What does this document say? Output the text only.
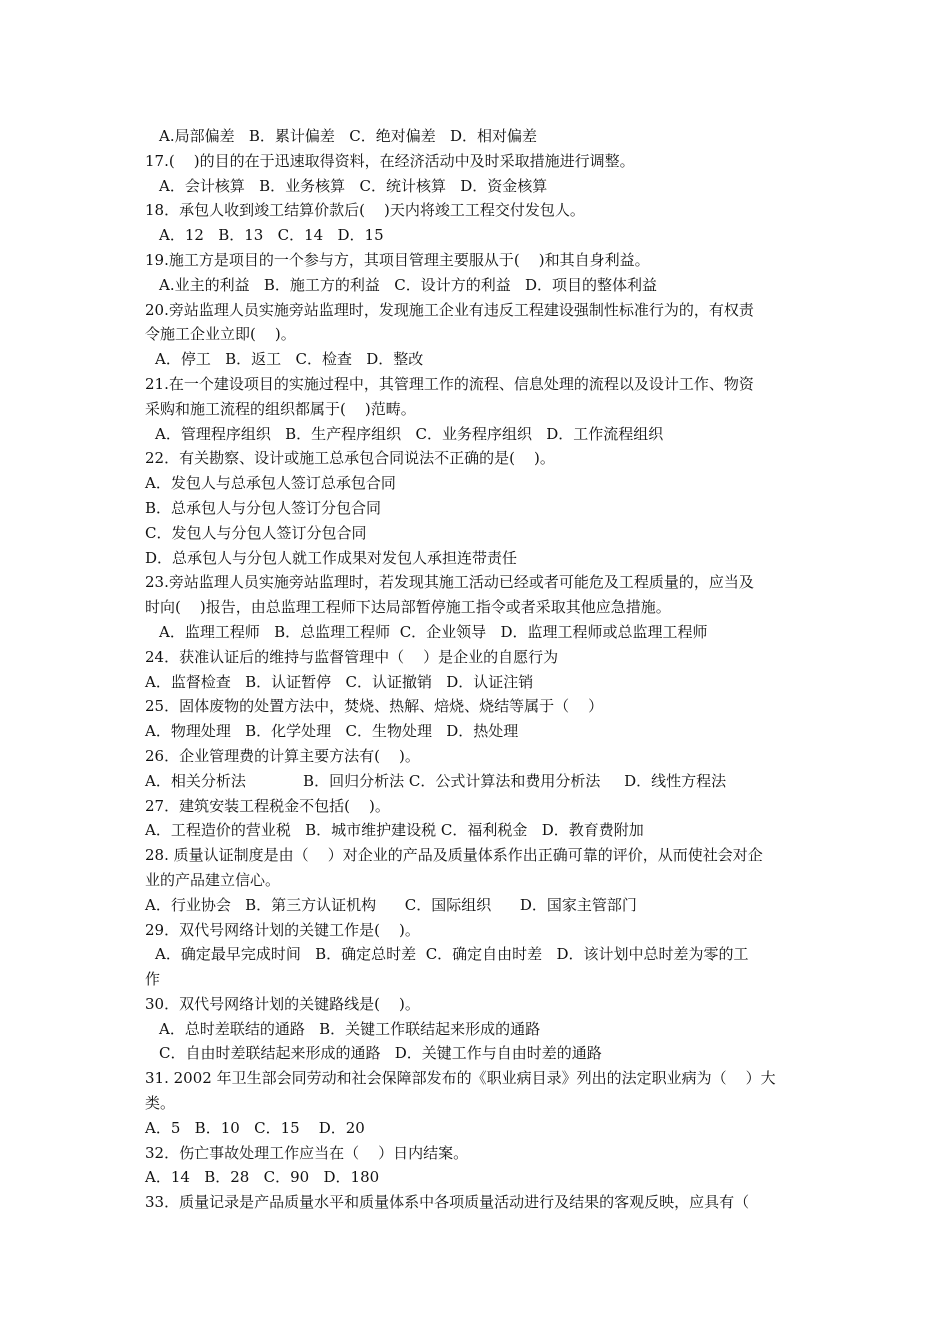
A.局部偏差   B．累计偏差   C．绝对偏差   D．相对偏差
17.(    )的目的在于迅速取得资料，在经济活动中及时采取措施进行调整。
A．会计核算   B．业务核算   C．统计核算   D．资金核算
18．承包人收到竣工结算价款后(    )天内将竣工工程交付发包人。
A．12   B．13   C．14   D．15
19.施工方是项目的一个参与方，其项目管理主要服从于(    )和其自身利益。
A.业主的利益   B．施工方的利益   C．设计方的利益   D．项目的整体利益
20.旁站监理人员实施旁站监理时，发现施工企业有违反工程建设强制性标准行为的，有权责
令施工企业立即(    )。
A．停工   B．返工   C．检查   D．整改
21.在一个建设项目的实施过程中，其管理工作的流程、信息处理的流程以及设计工作、物资
采购和施工流程的组织都属于(    )范畴。
A．管理程序组织   B．生产程序组织   C．业务程序组织   D．工作流程组织
22．有关勘察、设计或施工总承包合同说法不正确的是(    )。
A．发包人与总承包人签订总承包合同
B．总承包人与分包人签订分包合同
C．发包人与分包人签订分包合同
D．总承包人与分包人就工作成果对发包人承担连带责任
23.旁站监理人员实施旁站监理时，若发现其施工活动已经或者可能危及工程质量的，应当及
时向(    )报告，由总监理工程师下达局部暂停施工指令或者采取其他应急措施。
A．监理工程师   B．总监理工程师  C．企业领导   D．监理工程师或总监理工程师
24．获准认证后的维持与监督管理中（    ）是企业的自愿行为
A．监督检查   B．认证暂停   C．认证撤销   D．认证注销
25．固体废物的处置方法中，焚烧、热解、焙烧、烧结等属于（    ）
A．物理处理   B．化学处理   C．生物处理   D．热处理
26．企业管理费的计算主要方法有(    )。
A．相关分析法            B．回归分析法 C．公式计算法和费用分析法     D．线性方程法
27．建筑安装工程税金不包括(    )。
A．工程造价的营业税   B．城市维护建设税 C．福利税金   D．教育费附加
28. 质量认证制度是由（    ）对企业的产品及质量体系作出正确可靠的评价，从而使社会对企
业的产品建立信心。
A．行业协会   B．第三方认证机构      C．国际组织      D．国家主管部门
29．双代号网络计划的关键工作是(    )。
A．确定最早完成时间   B．确定总时差  C．确定自由时差   D．该计划中总时差为零的工
作
30．双代号网络计划的关键路线是(    )。
A．总时差联结的通路   B．关键工作联结起来形成的通路
C．自由时差联结起来形成的通路   D．关键工作与自由时差的通路
31. 2002 年卫生部会同劳动和社会保障部发布的《职业病目录》列出的法定职业病为（    ）大
类。
A．5   B．10   C．15    D．20
32．伤亡事故处理工作应当在（    ）日内结案。
A．14   B．28   C．90   D．180
33．质量记录是产品质量水平和质量体系中各项质量活动进行及结果的客观反映，应具有（
